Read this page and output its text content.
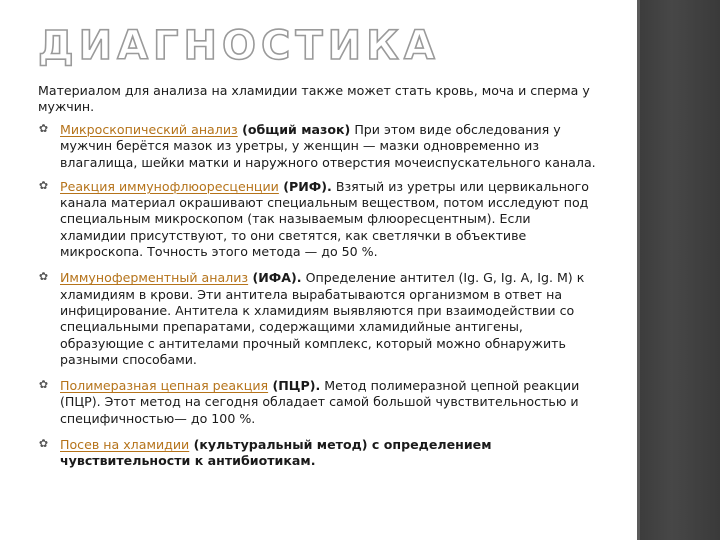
ДИАГНОСТИКА

Материалом для анализа на хламидии также может стать кровь, моча и сперма у мужчин.

✿ Микроскопический анализ (общий мазок) При этом виде обследования у мужчин берётся мазок из уретры, у женщин — мазки одновременно из влагалища, шейки матки и наружного отверстия мочеиспускательного канала.
✿ Реакция иммунофлюоресценции (РИФ). Взятый из уретры или цервикального канала материал окрашивают специальным веществом, потом исследуют под специальным микроскопом (так называемым флюоресцентным). Если хламидии присутствуют, то они светятся, как светлячки в объективе микроскопа. Точность этого метода — до 50 %.
✿ Иммуноферментный анализ (ИФА). Определение антител (Ig. G, Ig. A, Ig. M) к хламидиям в крови. Эти антитела вырабатываются организмом в ответ на инфицирование. Антитела к хламидиям выявляются при взаимодействии со специальными препаратами, содержащими хламидийные антигены, образующие с антителами прочный комплекс, который можно обнаружить разными способами.
✿ Полимеразная цепная реакция (ПЦР). Метод полимеразной цепной реакции (ПЦР). Этот метод на сегодня обладает самой большой чувствительностью и специфичностью— до 100 %.
✿ Посев на хламидии (культуральный метод) с определением чувствительности к антибиотикам.
